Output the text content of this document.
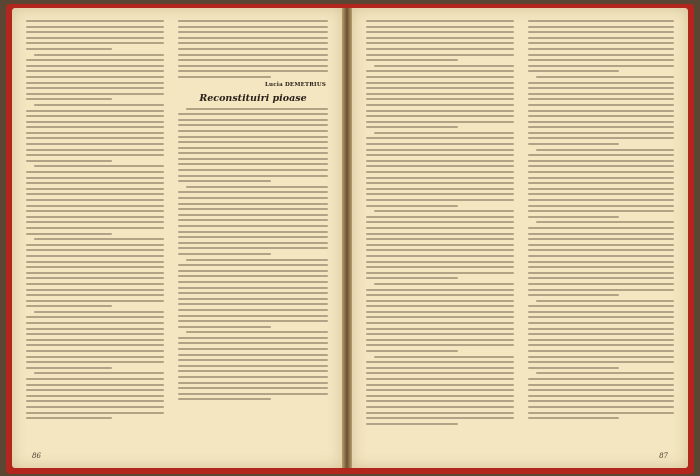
Lucia DEMETRIUS
Reconstituiri pioase
86	87
